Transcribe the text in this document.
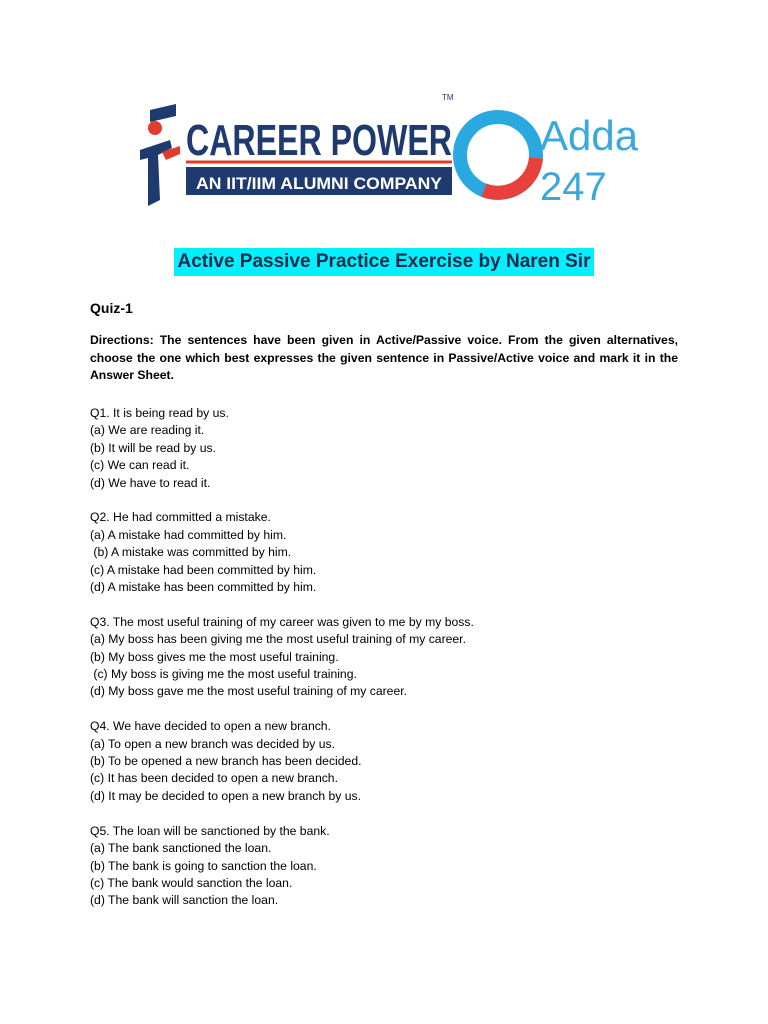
CAREER POWER
TM
AN IIT/IIM ALUMNI COMPANY
Adda
247
Active Passive Practice Exercise by Naren Sir
Quiz-1
Directions: The sentences have been given in Active/Passive voice. From the given alternatives, choose the one which best expresses the given sentence in Passive/Active voice and mark it in the Answer Sheet.
Q1. It is being read by us.
(a) We are reading it.
(b) It will be read by us.
(c) We can read it.
(d) We have to read it.
Q2. He had committed a mistake.
(a) A mistake had committed by him.
(b) A mistake was committed by him.
(c) A mistake had been committed by him.
(d) A mistake has been committed by him.
Q3. The most useful training of my career was given to me by my boss.
(a) My boss has been giving me the most useful training of my career.
(b) My boss gives me the most useful training.
(c) My boss is giving me the most useful training.
(d) My boss gave me the most useful training of my career.
Q4. We have decided to open a new branch.
(a) To open a new branch was decided by us.
(b) To be opened a new branch has been decided.
(c) It has been decided to open a new branch.
(d) It may be decided to open a new branch by us.
Q5. The loan will be sanctioned by the bank.
(a) The bank sanctioned the loan.
(b) The bank is going to sanction the loan.
(c) The bank would sanction the loan.
(d) The bank will sanction the loan.
